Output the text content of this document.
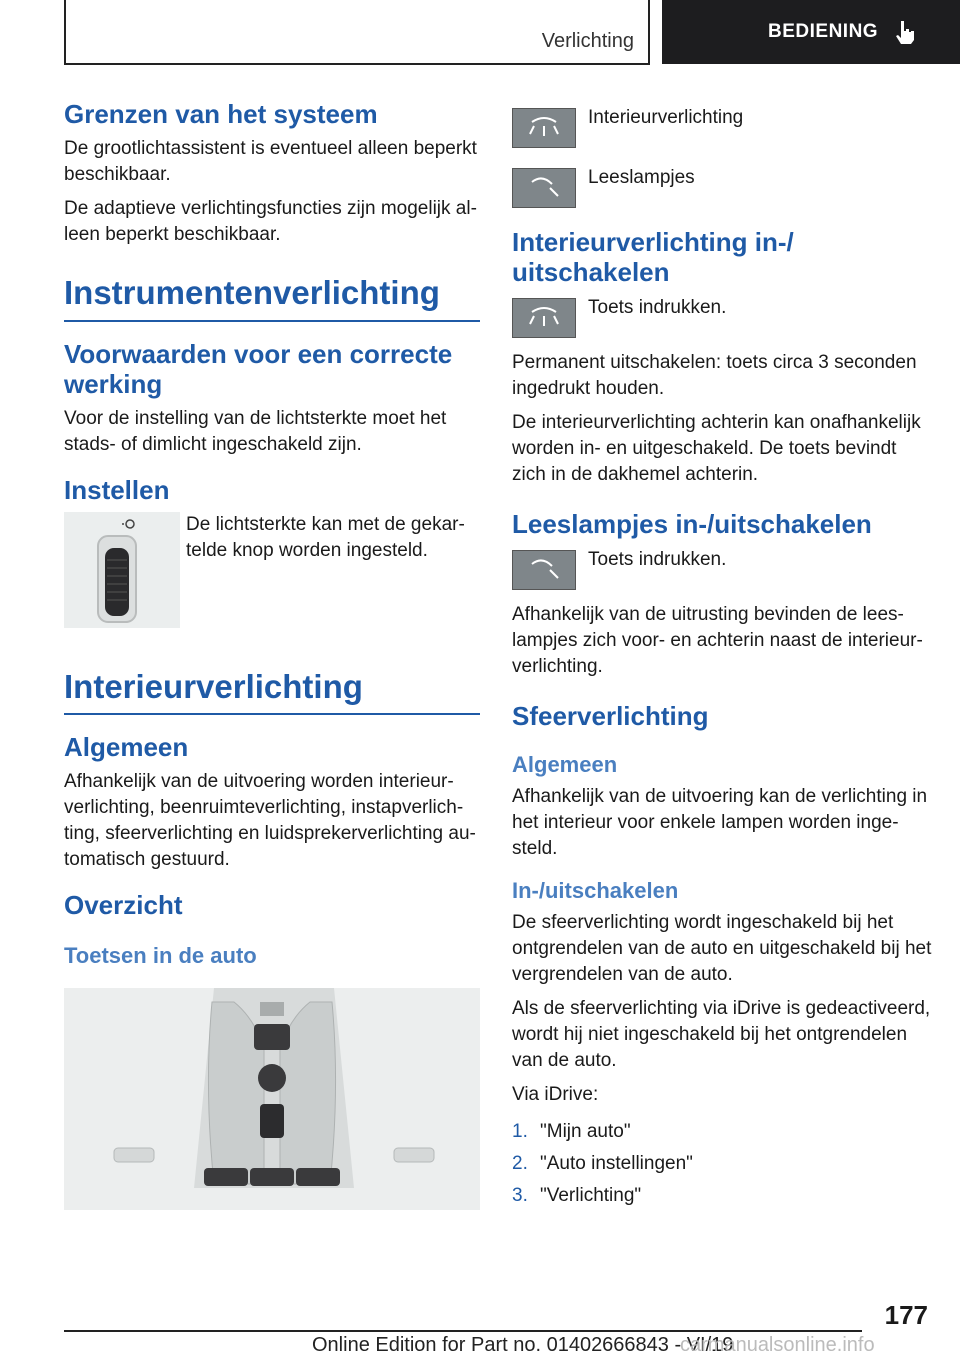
Verlichting	BEDIENING
Grenzen van het systeem

De grootlichtassistent is eventueel alleen beperkt beschikbaar.

De adaptieve verlichtingsfuncties zijn mogelijk al-leen beperkt beschikbaar.

Instrumentenverlichting
Voorwaarden voor een correcte werking

Voor de instelling van de lichtsterkte moet het stads- of dimlicht ingeschakeld zijn.

Instellen
De lichtsterkte kan met de gekar-telde knop worden ingesteld.
Interieurverlichting
Algemeen

Afhankelijk van de uitvoering worden interieur-verlichting, beenruimteverlichting, instapverlich-ting, sfeerverlichting en luidsprekerverlichting au-tomatisch gestuurd.

Overzicht
Toetsen in de auto
Interieurverlichting
Leeslampjes
Interieurverlichting in-/ uitschakelen
Toets indrukken.

Permanent uitschakelen: toets circa 3 seconden ingedrukt houden.

De interieurverlichting achterin kan onafhankelijk worden in- en uitgeschakeld. De toets bevindt zich in de dakhemel achterin.

Leeslampjes in-/uitschakelen
Toets indrukken.

Afhankelijk van de uitrusting bevinden de lees-lampjes zich voor- en achterin naast de interieur-verlichting.

Sfeerverlichting
Algemeen

Afhankelijk van de uitvoering kan de verlichting in het interieur voor enkele lampen worden inge-steld.

In-/uitschakelen

De sfeerverlichting wordt ingeschakeld bij het ontgrendelen van de auto en uitgeschakeld bij het vergrendelen van de auto.

Als de sfeerverlichting via iDrive is gedeactiveerd, wordt hij niet ingeschakeld bij het ontgrendelen van de auto.

Via iDrive:

1. "Mijn auto"
2. "Auto instellingen"
3. "Verlichting"
177
Online Edition for Part no. 01402666843 - VI/19
carmanualsonline.info
